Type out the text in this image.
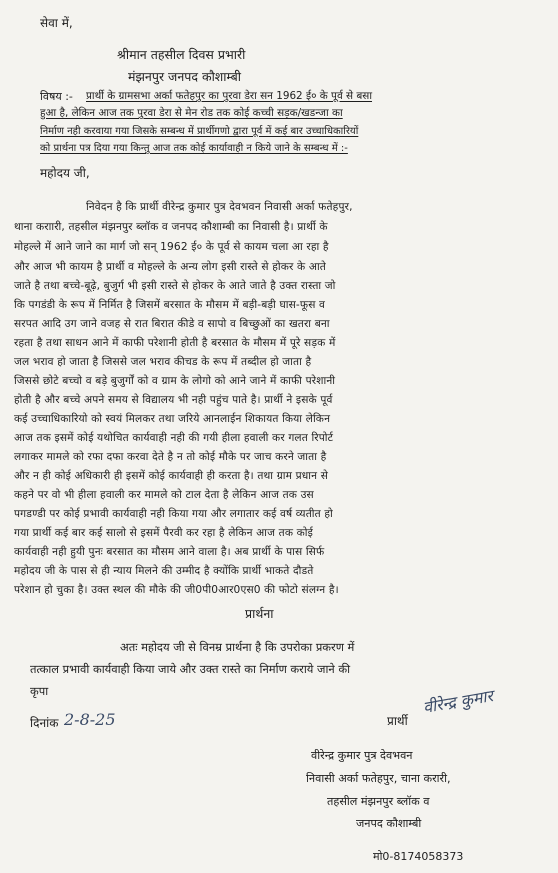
सेवा में,
श्रीमान तहसील दिवस प्रभारी
मंझनपुर जनपद कौशाम्बी
विषय :- प्रार्थी के ग्रामसभा अर्का फतेहपुर का पुरवा डेरा सन 1962 ई० के पूर्व से बसा
हुआ है, लेकिन आज तक पुरवा डेरा से मेन रोड तक कोई कच्ची सड़क/खडन्जा का
निर्माण नही करवाया गया जिसके सम्बन्ध में प्रार्थीगणो द्वारा पूर्व में कई बार उच्चाधिकारियों
को प्रार्थना पत्र दिया गया किन्तु आज तक कोई कार्यावाही न किये जाने के सम्बन्ध में :-
महोदय जी,
निवेदन है कि प्रार्थी वीरेन्द्र कुमार पुत्र देवभवन निवासी अर्का फतेहपुर,
थाना कराारी, तहसील मंझनपुर ब्लॉक व जनपद कौशाम्बी का निवासी है। प्रार्थी के
मोहल्ले में आने जाने का मार्ग जो सन् 1962 ई० के पूर्व से कायम चला आ रहा है
और आज भी कायम है प्रार्थी व मोहल्ले के अन्य लोग इसी रास्ते से होकर के आते
जाते है तथा बच्चे-बूढ़े, बुजुर्ग भी इसी रास्ते से होकर के आते जाते है उक्त रास्ता जो
कि पगडंडी के रूप में निर्मित है जिसमें बरसात के मौसम में बड़ी-बड़ी घास-फूस व
सरपत आदि उग जाने वजह से रात बिरात कीडे व सापो व बिच्छुओं का खतरा बना
रहता है तथा साधन आने में काफी परेशानी होती है बरसात के मौसम में पूरे सड़क में
जल भराव हो जाता है जिससे जल भराव कीचड के रूप में तब्दील हो जाता है
जिससे छोटे बच्चो व बड़े बुजुर्गों को व ग्राम के लोगो को आने जाने में काफी परेशानी
होती है और बच्चे अपने समय से विद्यालय भी नही पहुंच पाते है। प्रार्थी ने इसके पूर्व
कई उच्चाधिकारियो को स्वयं मिलकर तथा जरिये आनलाईन शिकायत किया लेकिन
आज तक इसमें कोई यथोचित कार्यवाही नही की गयी हीला हवाली कर गलत रिपोर्ट
लगाकर मामले को रफा दफा करवा देते है न तो कोई मौके पर जाच करने जाता है
और न ही कोई अधिकारी ही इसमें कोई कार्यवाही ही करता है। तथा ग्राम प्रधान से
कहने पर वो भी हीला हवाली कर मामले को टाल देता है लेकिन आज तक उस
पगडण्डी पर कोई प्रभावी कार्यवाही नही किया गया और लगातार कई वर्ष व्यतीत हो
गया प्रार्थी कई बार कई सालो से इसमें पैरवी कर रहा है लेकिन आज तक कोई
कार्यवाही नही हुयी पुनः बरसात का मौसम आने वाला है। अब प्रार्थी के पास सिर्फ
महोदय जी के पास से ही न्याय मिलने की उम्मीद है क्योंकि प्रार्थी भाकते दौडते
परेशान हो चुका है। उक्त स्थल की मौके की जी0पी0आर0एस0 की फोटो संलग्न है।
प्रार्थना
अतः महोदय जी से विनम्र प्रार्थना है कि उपरोका प्रकरण में
तत्काल प्रभावी कार्यवाही किया जाये और उक्त रास्ते का निर्माण कराये जाने की
कृपा
दिनांक 2-8-25	प्रार्थी
वीरेन्द्र कुमार
वीरेन्द्र कुमार पुत्र देवभवन
निवासी अर्का फतेहपुर, चाना करारी,
तहसील मंझनपुर ब्लॉक व
जनपद कौशाम्बी
मो0-8174058373
